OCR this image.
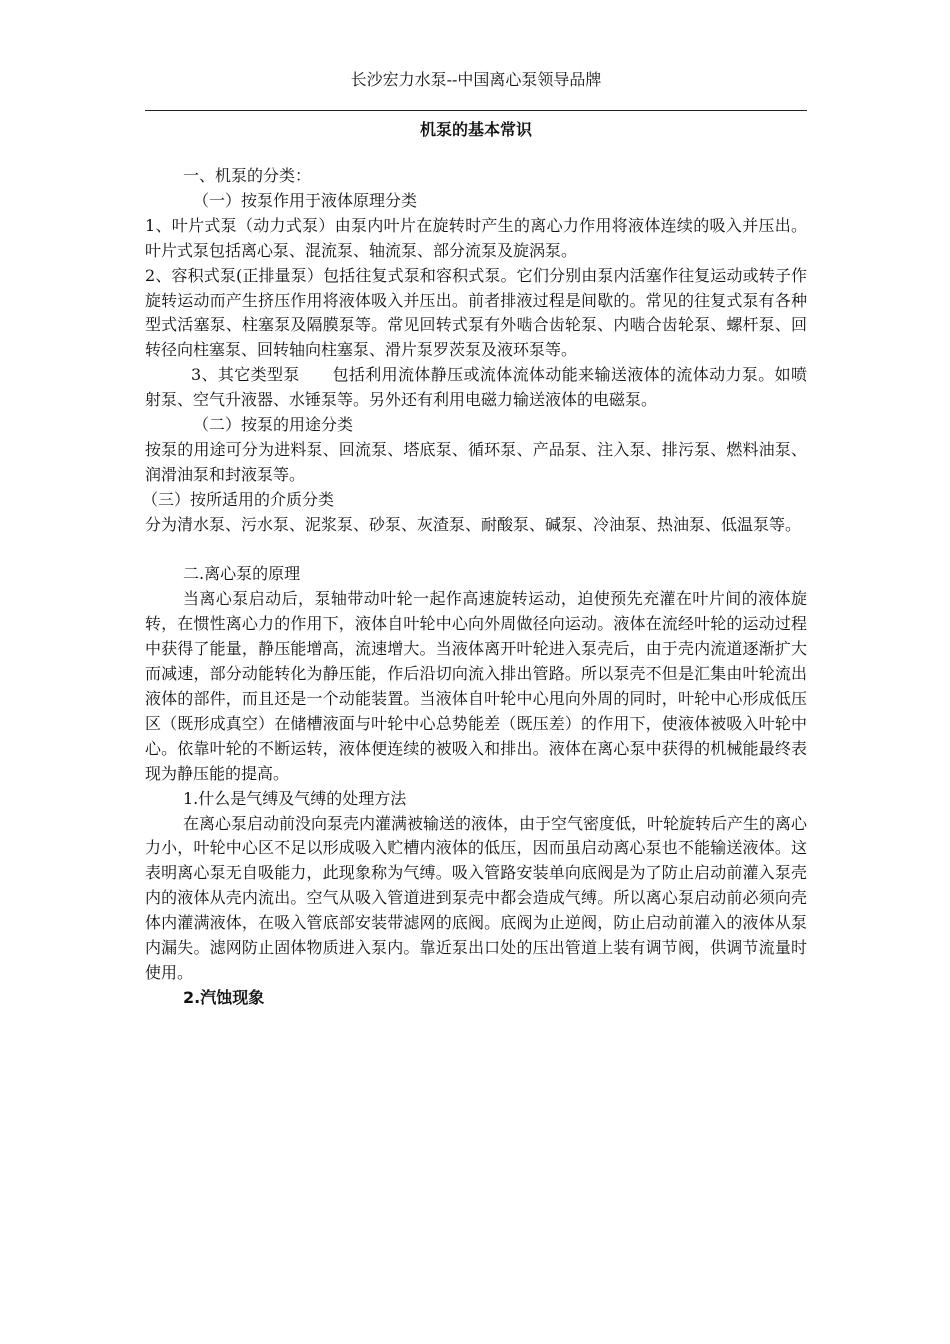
长沙宏力水泵--中国离心泵领导品牌
机泵的基本常识

一、机泵的分类：

（一）按泵作用于液体原理分类

1、叶片式泵（动力式泵）由泵内叶片在旋转时产生的离心力作用将液体连续的吸入并压出。叶片式泵包括离心泵、混流泵、轴流泵、部分流泵及旋涡泵。

2、容积式泵(正排量泵）包括往复式泵和容积式泵。它们分别由泵内活塞作往复运动或转子作旋转运动而产生挤压作用将液体吸入并压出。前者排液过程是间歇的。常见的往复式泵有各种型式活塞泵、柱塞泵及隔膜泵等。常见回转式泵有外啮合齿轮泵、内啮合齿轮泵、螺杆泵、回转径向柱塞泵、回转轴向柱塞泵、滑片泵罗茨泵及液环泵等。

3、其它类型泵　　包括利用流体静压或流体流体动能来输送液体的流体动力泵。如喷射泵、空气升液器、水锤泵等。另外还有利用电磁力输送液体的电磁泵。

（二）按泵的用途分类

按泵的用途可分为进料泵、回流泵、塔底泵、循环泵、产品泵、注入泵、排污泵、燃料油泵、润滑油泵和封液泵等。

（三）按所适用的介质分类

分为清水泵、污水泵、泥浆泵、砂泵、灰渣泵、耐酸泵、碱泵、冷油泵、热油泵、低温泵等。

二.离心泵的原理

当离心泵启动后，泵轴带动叶轮一起作高速旋转运动，迫使预先充灌在叶片间的液体旋转，在惯性离心力的作用下，液体自叶轮中心向外周做径向运动。液体在流经叶轮的运动过程中获得了能量，静压能增高，流速增大。当液体离开叶轮进入泵壳后，由于壳内流道逐渐扩大而减速，部分动能转化为静压能，作后沿切向流入排出管路。所以泵壳不但是汇集由叶轮流出液体的部件，而且还是一个动能装置。当液体自叶轮中心甩向外周的同时，叶轮中心形成低压区（既形成真空）在储槽液面与叶轮中心总势能差（既压差）的作用下，使液体被吸入叶轮中心。依靠叶轮的不断运转，液体便连续的被吸入和排出。液体在离心泵中获得的机械能最终表现为静压能的提高。

1.什么是气缚及气缚的处理方法

在离心泵启动前没向泵壳内灌满被输送的液体，由于空气密度低，叶轮旋转后产生的离心力小，叶轮中心区不足以形成吸入贮槽内液体的低压，因而虽启动离心泵也不能输送液体。这表明离心泵无自吸能力，此现象称为气缚。吸入管路安装单向底阀是为了防止启动前灌入泵壳内的液体从壳内流出。空气从吸入管道进到泵壳中都会造成气缚。所以离心泵启动前必须向壳体内灌满液体，在吸入管底部安装带滤网的底阀。底阀为止逆阀，防止启动前灌入的液体从泵内漏失。滤网防止固体物质进入泵内。靠近泵出口处的压出管道上装有调节阀，供调节流量时使用。

2.汽蚀现象
